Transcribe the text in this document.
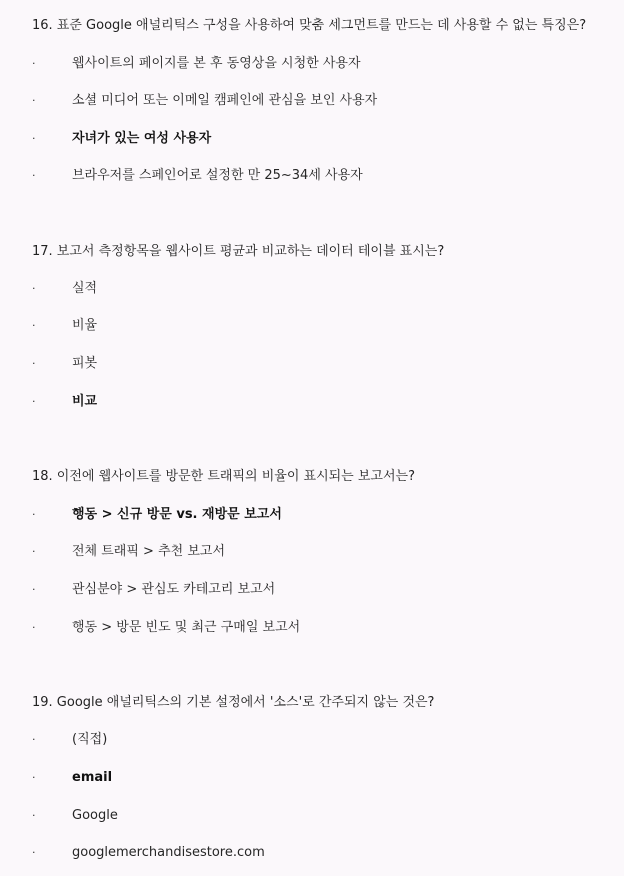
16. 표준 Google 애널리틱스 구성을 사용하여 맞춤 세그먼트를 만드는 데 사용할 수 없는 특징은?
·	웹사이트의 페이지를 본 후 동영상을 시청한 사용자
·	소셜 미디어 또는 이메일 캠페인에 관심을 보인 사용자
·	자녀가 있는 여성 사용자
·	브라우저를 스페인어로 설정한 만 25~34세 사용자
17. 보고서 측정항목을 웹사이트 평균과 비교하는 데이터 테이블 표시는?
·	실적
·	비율
·	피봇
·	비교
18. 이전에 웹사이트를 방문한 트래픽의 비율이 표시되는 보고서는?
·	행동 > 신규 방문 vs. 재방문 보고서
·	전체 트래픽 > 추천 보고서
·	관심분야 > 관심도 카테고리 보고서
·	행동 > 방문 빈도 및 최근 구매일 보고서
19. Google 애널리틱스의 기본 설정에서 '소스'로 간주되지 않는 것은?
·	(직접)
·	email
·	Google
·	googlemerchandisestore.com
